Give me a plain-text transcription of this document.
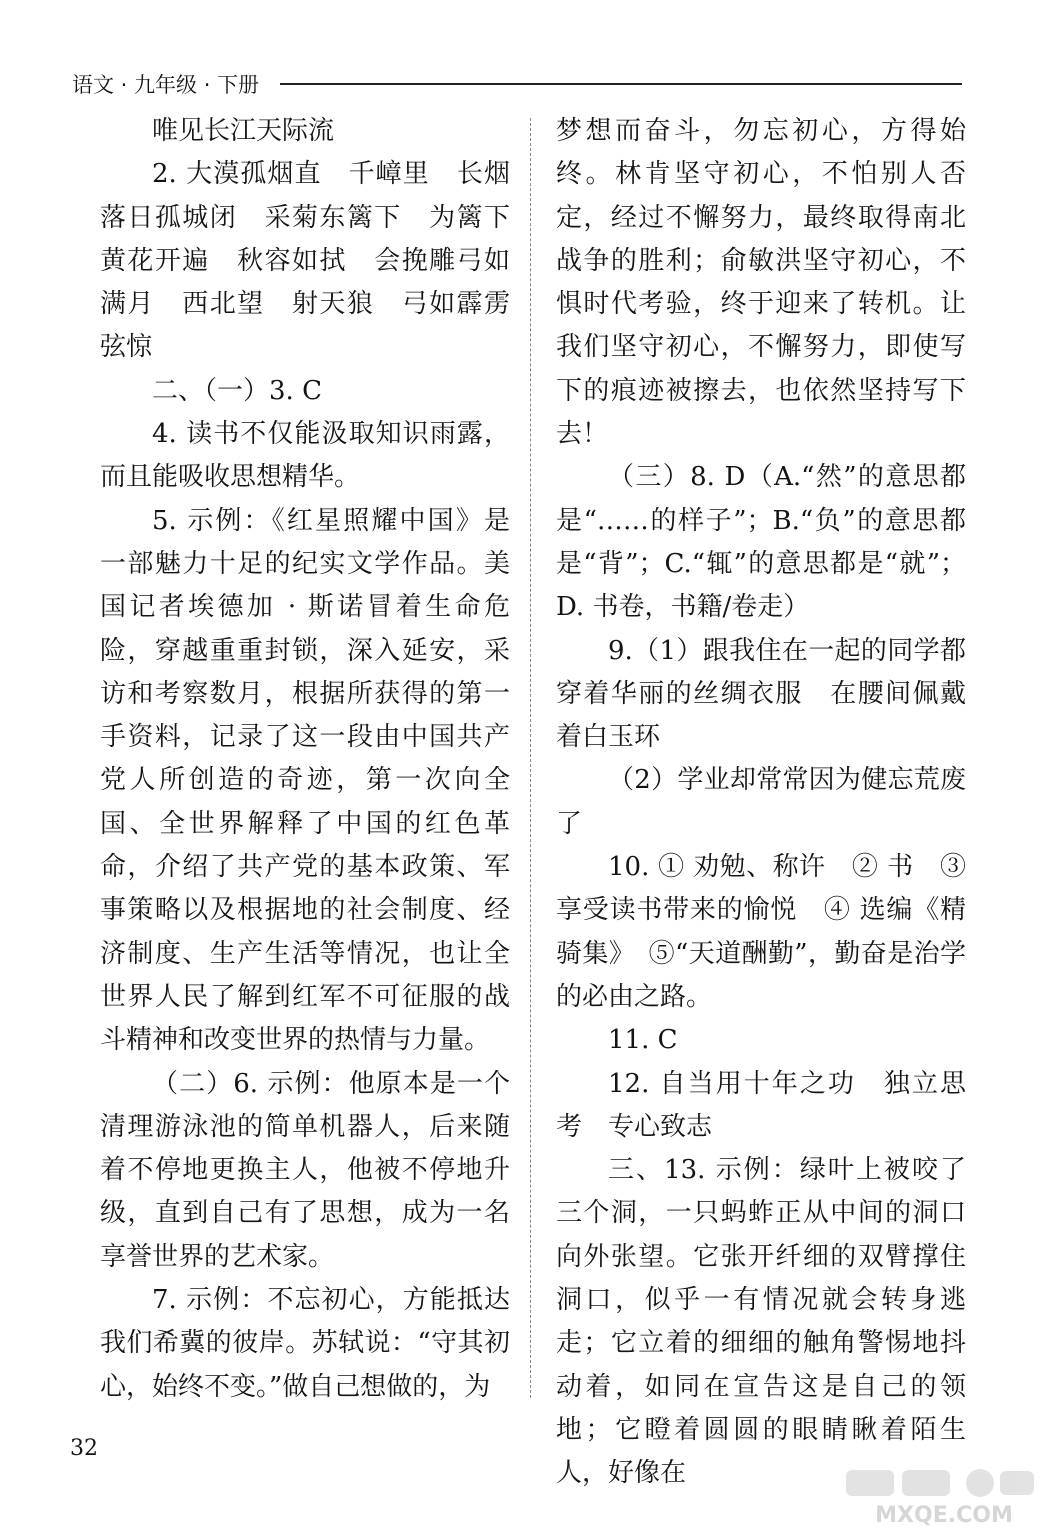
语文 · 九年级 · 下册

唯见长江天际流

2. 大漠孤烟直　千嶂里　长烟落日孤城闭　采菊东篱下　为篱下黄花开遍　秋容如拭　会挽雕弓如满月　西北望　射天狼　弓如霹雳弦惊

二、（一）3. C

4. 读书不仅能汲取知识雨露，而且能吸收思想精华。

5. 示例：《红星照耀中国》是一部魅力十足的纪实文学作品。美国记者埃德加 · 斯诺冒着生命危险，穿越重重封锁，深入延安，采访和考察数月，根据所获得的第一手资料，记录了这一段由中国共产党人所创造的奇迹，第一次向全国、全世界解释了中国的红色革命，介绍了共产党的基本政策、军事策略以及根据地的社会制度、经济制度、生产生活等情况，也让全世界人民了解到红军不可征服的战斗精神和改变世界的热情与力量。

（二）6. 示例：他原本是一个清理游泳池的简单机器人，后来随着不停地更换主人，他被不停地升级，直到自己有了思想，成为一名享誉世界的艺术家。

7. 示例：不忘初心，方能抵达我们希冀的彼岸。苏轼说：“守其初心，始终不变。”做自己想做的，为

梦想而奋斗，勿忘初心，方得始终。林肯坚守初心，不怕别人否定，经过不懈努力，最终取得南北战争的胜利；俞敏洪坚守初心，不惧时代考验，终于迎来了转机。让我们坚守初心，不懈努力，即使写下的痕迹被擦去，也依然坚持写下去！

（三）8. D（A.“然”的意思都是“……的样子”；B.“负”的意思都是“背”；C.“辄”的意思都是“就”；D. 书卷，书籍/卷走）

9.（1）跟我住在一起的同学都穿着华丽的丝绸衣服　在腰间佩戴着白玉环

（2）学业却常常因为健忘荒废了

10. ① 劝勉、称许　② 书　③享受读书带来的愉悦　④ 选编《精骑集》　⑤“天道酬勤”，勤奋是治学的必由之路。

11. C

12. 自当用十年之功　独立思考　专心致志

三、13. 示例：绿叶上被咬了三个洞，一只蚂蚱正从中间的洞口向外张望。它张开纤细的双臂撑住洞口，似乎一有情况就会转身逃走；它立着的细细的触角警惕地抖动着，如同在宣告这是自己的领地；它瞪着圆圆的眼睛瞅着陌生人，好像在

32
MXQE.COM
